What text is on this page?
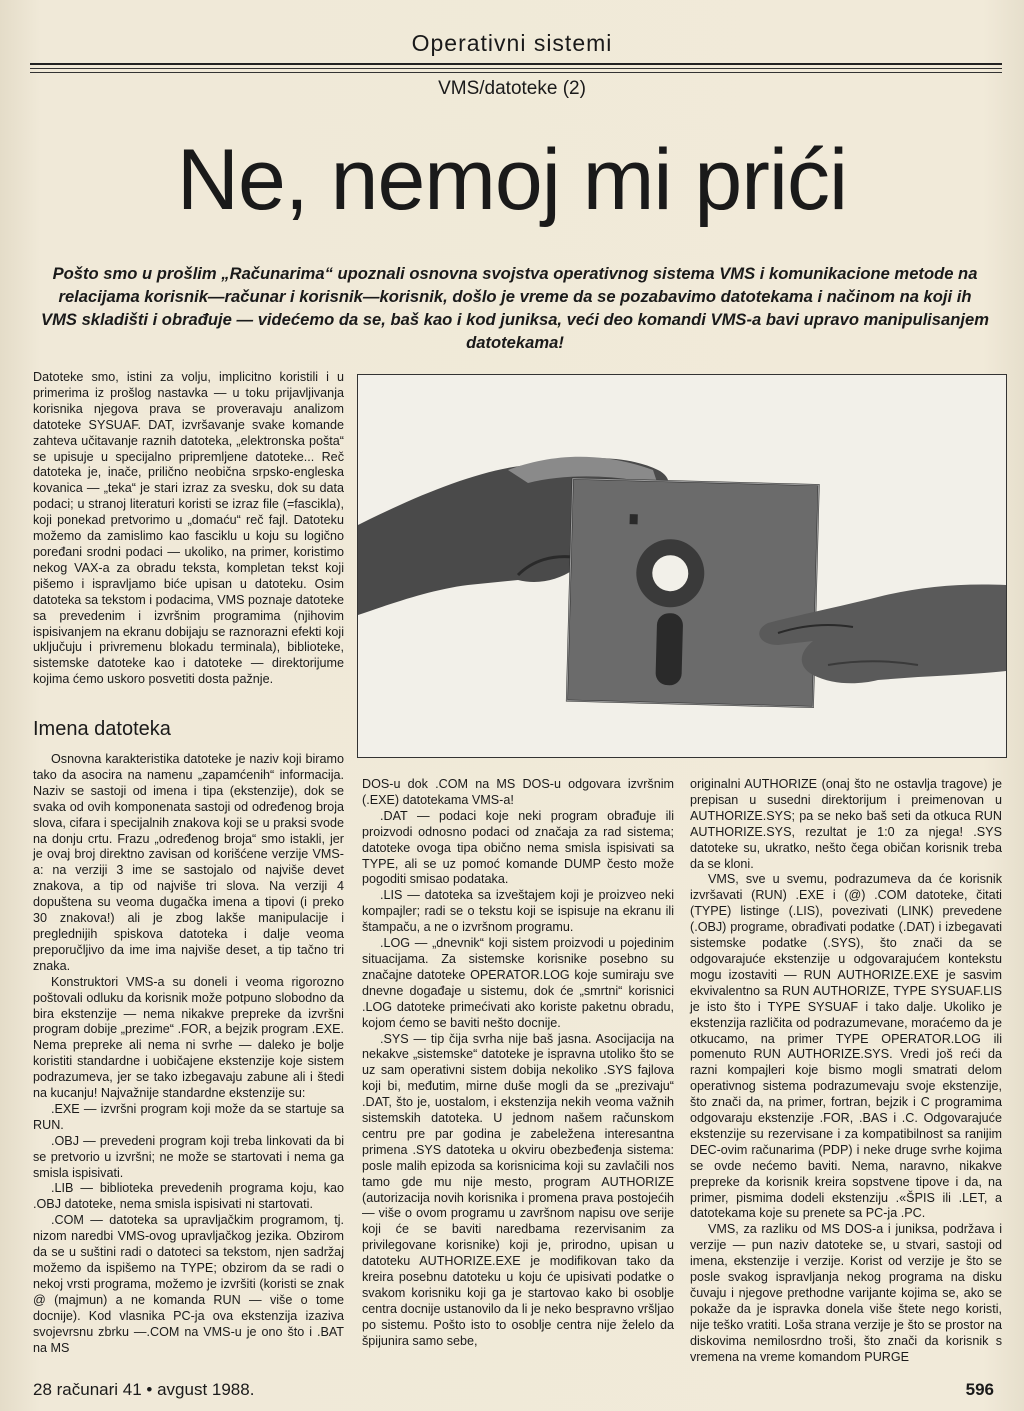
Operativni sistemi
VMS/datoteke (2)
Ne, nemoj mi prići
Pošto smo u prošlim „Računarima“ upoznali osnovna svojstva operativnog sistema VMS i komunikacione metode na relacijama korisnik—računar i korisnik—korisnik, došlo je vreme da se pozabavimo datotekama i načinom na koji ih VMS skladišti i obrađuje — videćemo da se, baš kao i kod juniksa, veći deo komandi VMS-a bavi upravo manipulisanjem datotekama!

Datoteke smo, istini za volju, implicitno koristili i u primerima iz prošlog nastavka — u toku prijavljivanja korisnika njegova prava se proveravaju analizom datoteke SYSUAF. DAT, izvršavanje svake komande zahteva učitavanje raznih datoteka, „elektronska pošta“ se upisuje u specijalno pripremljene datoteke... Reč datoteka je, inače, prilično neobična srpsko-engleska kovanica — „teka“ je stari izraz za svesku, dok su data podaci; u stranoj literaturi koristi se izraz file (=fascikla), koji ponekad pretvorimo u „domaću“ reč fajl. Datoteku možemo da zamislimo kao fasciklu u koju su logično poređani srodni podaci — ukoliko, na primer, koristimo nekog VAX-a za obradu teksta, kompletan tekst koji pišemo i ispravljamo biće upisan u datoteku. Osim datoteka sa tekstom i podacima, VMS poznaje datoteke sa prevedenim i izvršnim programima (njihovim ispisivanjem na ekranu dobijaju se raznorazni efekti koji uključuju i privremenu blokadu terminala), biblioteke, sistemske datoteke kao i datoteke — direktorijume kojima ćemo uskoro posvetiti dosta pažnje.

Imena datoteka

Osnovna karakteristika datoteke je naziv koji biramo tako da asocira na namenu „zapamćenih“ informacija. Naziv se sastoji od imena i tipa (ekstenzije), dok se svaka od ovih komponenata sastoji od određenog broja slova, cifara i specijalnih znakova koji se u praksi svode na donju crtu. Frazu „određenog broja“ smo istakli, jer je ovaj broj direktno zavisan od korišćene verzije VMS-a: na verziji 3 ime se sastojalo od najviše devet znakova, a tip od najviše tri slova. Na verziji 4 dopuštena su veoma dugačka imena a tipovi (i preko 30 znakova!) ali je zbog lakše manipulacije i preglednijih spiskova datoteka i dalje veoma preporučljivo da ime ima najviše deset, a tip tačno tri znaka.

Konstruktori VMS-a su doneli i veoma rigorozno poštovali odluku da korisnik može potpuno slobodno da bira ekstenzije — nema nikakve prepreke da izvršni program dobije „prezime“ .FOR, a bejzik program .EXE. Nema prepreke ali nema ni svrhe — daleko je bolje koristiti standardne i uobičajene ekstenzije koje sistem podrazumeva, jer se tako izbegavaju zabune ali i štedi na kucanju! Najvažnije standardne ekstenzije su:

.EXE — izvršni program koji može da se startuje sa RUN.

.OBJ — prevedeni program koji treba linkovati da bi se pretvorio u izvršni; ne može se startovati i nema ga smisla ispisivati.

.LIB — biblioteka prevedenih programa koju, kao .OBJ datoteke, nema smisla ispisivati ni startovati.

.COM — datoteka sa upravljačkim programom, tj. nizom naredbi VMS-ovog upravljačkog jezika. Obzirom da se u suštini radi o datoteci sa tekstom, njen sadržaj možemo da ispišemo na TYPE; obzirom da se radi o nekoj vrsti programa, možemo je izvršiti (koristi se znak @ (majmun) a ne komanda RUN — više o tome docnije). Kod vlasnika PC-ja ova ekstenzija izaziva svojevrsnu zbrku —.COM na VMS-u je ono što i .BAT na MS

DOS-u dok .COM na MS DOS-u odgovara izvršnim (.EXE) datotekama VMS-a!

.DAT — podaci koje neki program obrađuje ili proizvodi odnosno podaci od značaja za rad sistema; datoteke ovoga tipa obično nema smisla ispisivati sa TYPE, ali se uz pomoć komande DUMP često može pogoditi smisao podataka.

.LIS — datoteka sa izveštajem koji je proizveo neki kompajler; radi se o tekstu koji se ispisuje na ekranu ili štampaču, a ne o izvršnom programu.

.LOG — „dnevnik“ koji sistem proizvodi u pojedinim situacijama. Za sistemske korisnike posebno su značajne datoteke OPERATOR.LOG koje sumiraju sve dnevne događaje u sistemu, dok će „smrtni“ korisnici .LOG datoteke primećivati ako koriste paketnu obradu, kojom ćemo se baviti nešto docnije.

.SYS — tip čija svrha nije baš jasna. Asocijacija na nekakve „sistemske“ datoteke je ispravna utoliko što se uz sam operativni sistem dobija nekoliko .SYS fajlova koji bi, međutim, mirne duše mogli da se „prezivaju“ .DAT, što je, uostalom, i ekstenzija nekih veoma važnih sistemskih datoteka. U jednom našem računskom centru pre par godina je zabeležena interesantna primena .SYS datoteka u okviru obezbeđenja sistema: posle malih epizoda sa korisnicima koji su zavlačili nos tamo gde mu nije mesto, program AUTHORIZE (autorizacija novih korisnika i promena prava postojećih — više o ovom programu u završnom napisu ove serije koji će se baviti naredbama rezervisanim za privilegovane korisnike) koji je, prirodno, upisan u datoteku AUTHORIZE.EXE je modifikovan tako da kreira posebnu datoteku u koju će upisivati podatke o svakom korisniku koji ga je startovao kako bi osoblje centra docnije ustanovilo da li je neko bespravno vršljao po sistemu. Pošto isto to osoblje centra nije želelo da špijunira samo sebe,

originalni AUTHORIZE (onaj što ne ostavlja tragove) je prepisan u susedni direktorijum i preimenovan u AUTHORIZE.SYS; pa se neko baš seti da otkuca RUN AUTHORIZE.SYS, rezultat je 1:0 za njega! .SYS datoteke su, ukratko, nešto čega običan korisnik treba da se kloni.

VMS, sve u svemu, podrazumeva da će korisnik izvršavati (RUN) .EXE i (@) .COM datoteke, čitati (TYPE) listinge (.LIS), povezivati (LINK) prevedene (.OBJ) programe, obrađivati podatke (.DAT) i izbegavati sistemske podatke (.SYS), što znači da se odgovarajuće ekstenzije u odgovarajućem kontekstu mogu izostaviti — RUN AUTHORIZE.EXE je sasvim ekvivalentno sa RUN AUTHORIZE, TYPE SYSUAF.LIS je isto što i TYPE SYSUAF i tako dalje. Ukoliko je ekstenzija različita od podrazumevane, moraćemo da je otkucamo, na primer TYPE OPERATOR.LOG ili pomenuto RUN AUTHORIZE.SYS. Vredi još reći da razni kompajleri koje bismo mogli smatrati delom operativnog sistema podrazumevaju svoje ekstenzije, što znači da, na primer, fortran, bejzik i C programima odgovaraju ekstenzije .FOR, .BAS i .C. Odgovarajuće ekstenzije su rezervisane i za kompatibilnost sa ranijim DEC-ovim računarima (PDP) i neke druge svrhe kojima se ovde nećemo baviti. Nema, naravno, nikakve prepreke da korisnik kreira sopstvene tipove i da, na primer, pismima dodeli ekstenziju .«ŠPIS ili .LET, a datotekama koje su prenete sa PC-ja .PC.

VMS, za razliku od MS DOS-a i juniksa, podržava i verzije — pun naziv datoteke se, u stvari, sastoji od imena, ekstenzije i verzije. Korist od verzije je što se posle svakog ispravljanja nekog programa na disku čuvaju i njegove prethodne varijante kojima se, ako se pokaže da je ispravka donela više štete nego koristi, nije teško vratiti. Loša strana verzije je što se prostor na diskovima nemilosrdno troši, što znači da korisnik s vremena na vreme komandom PURGE

28 računari 41 • avgust 1988.	596
